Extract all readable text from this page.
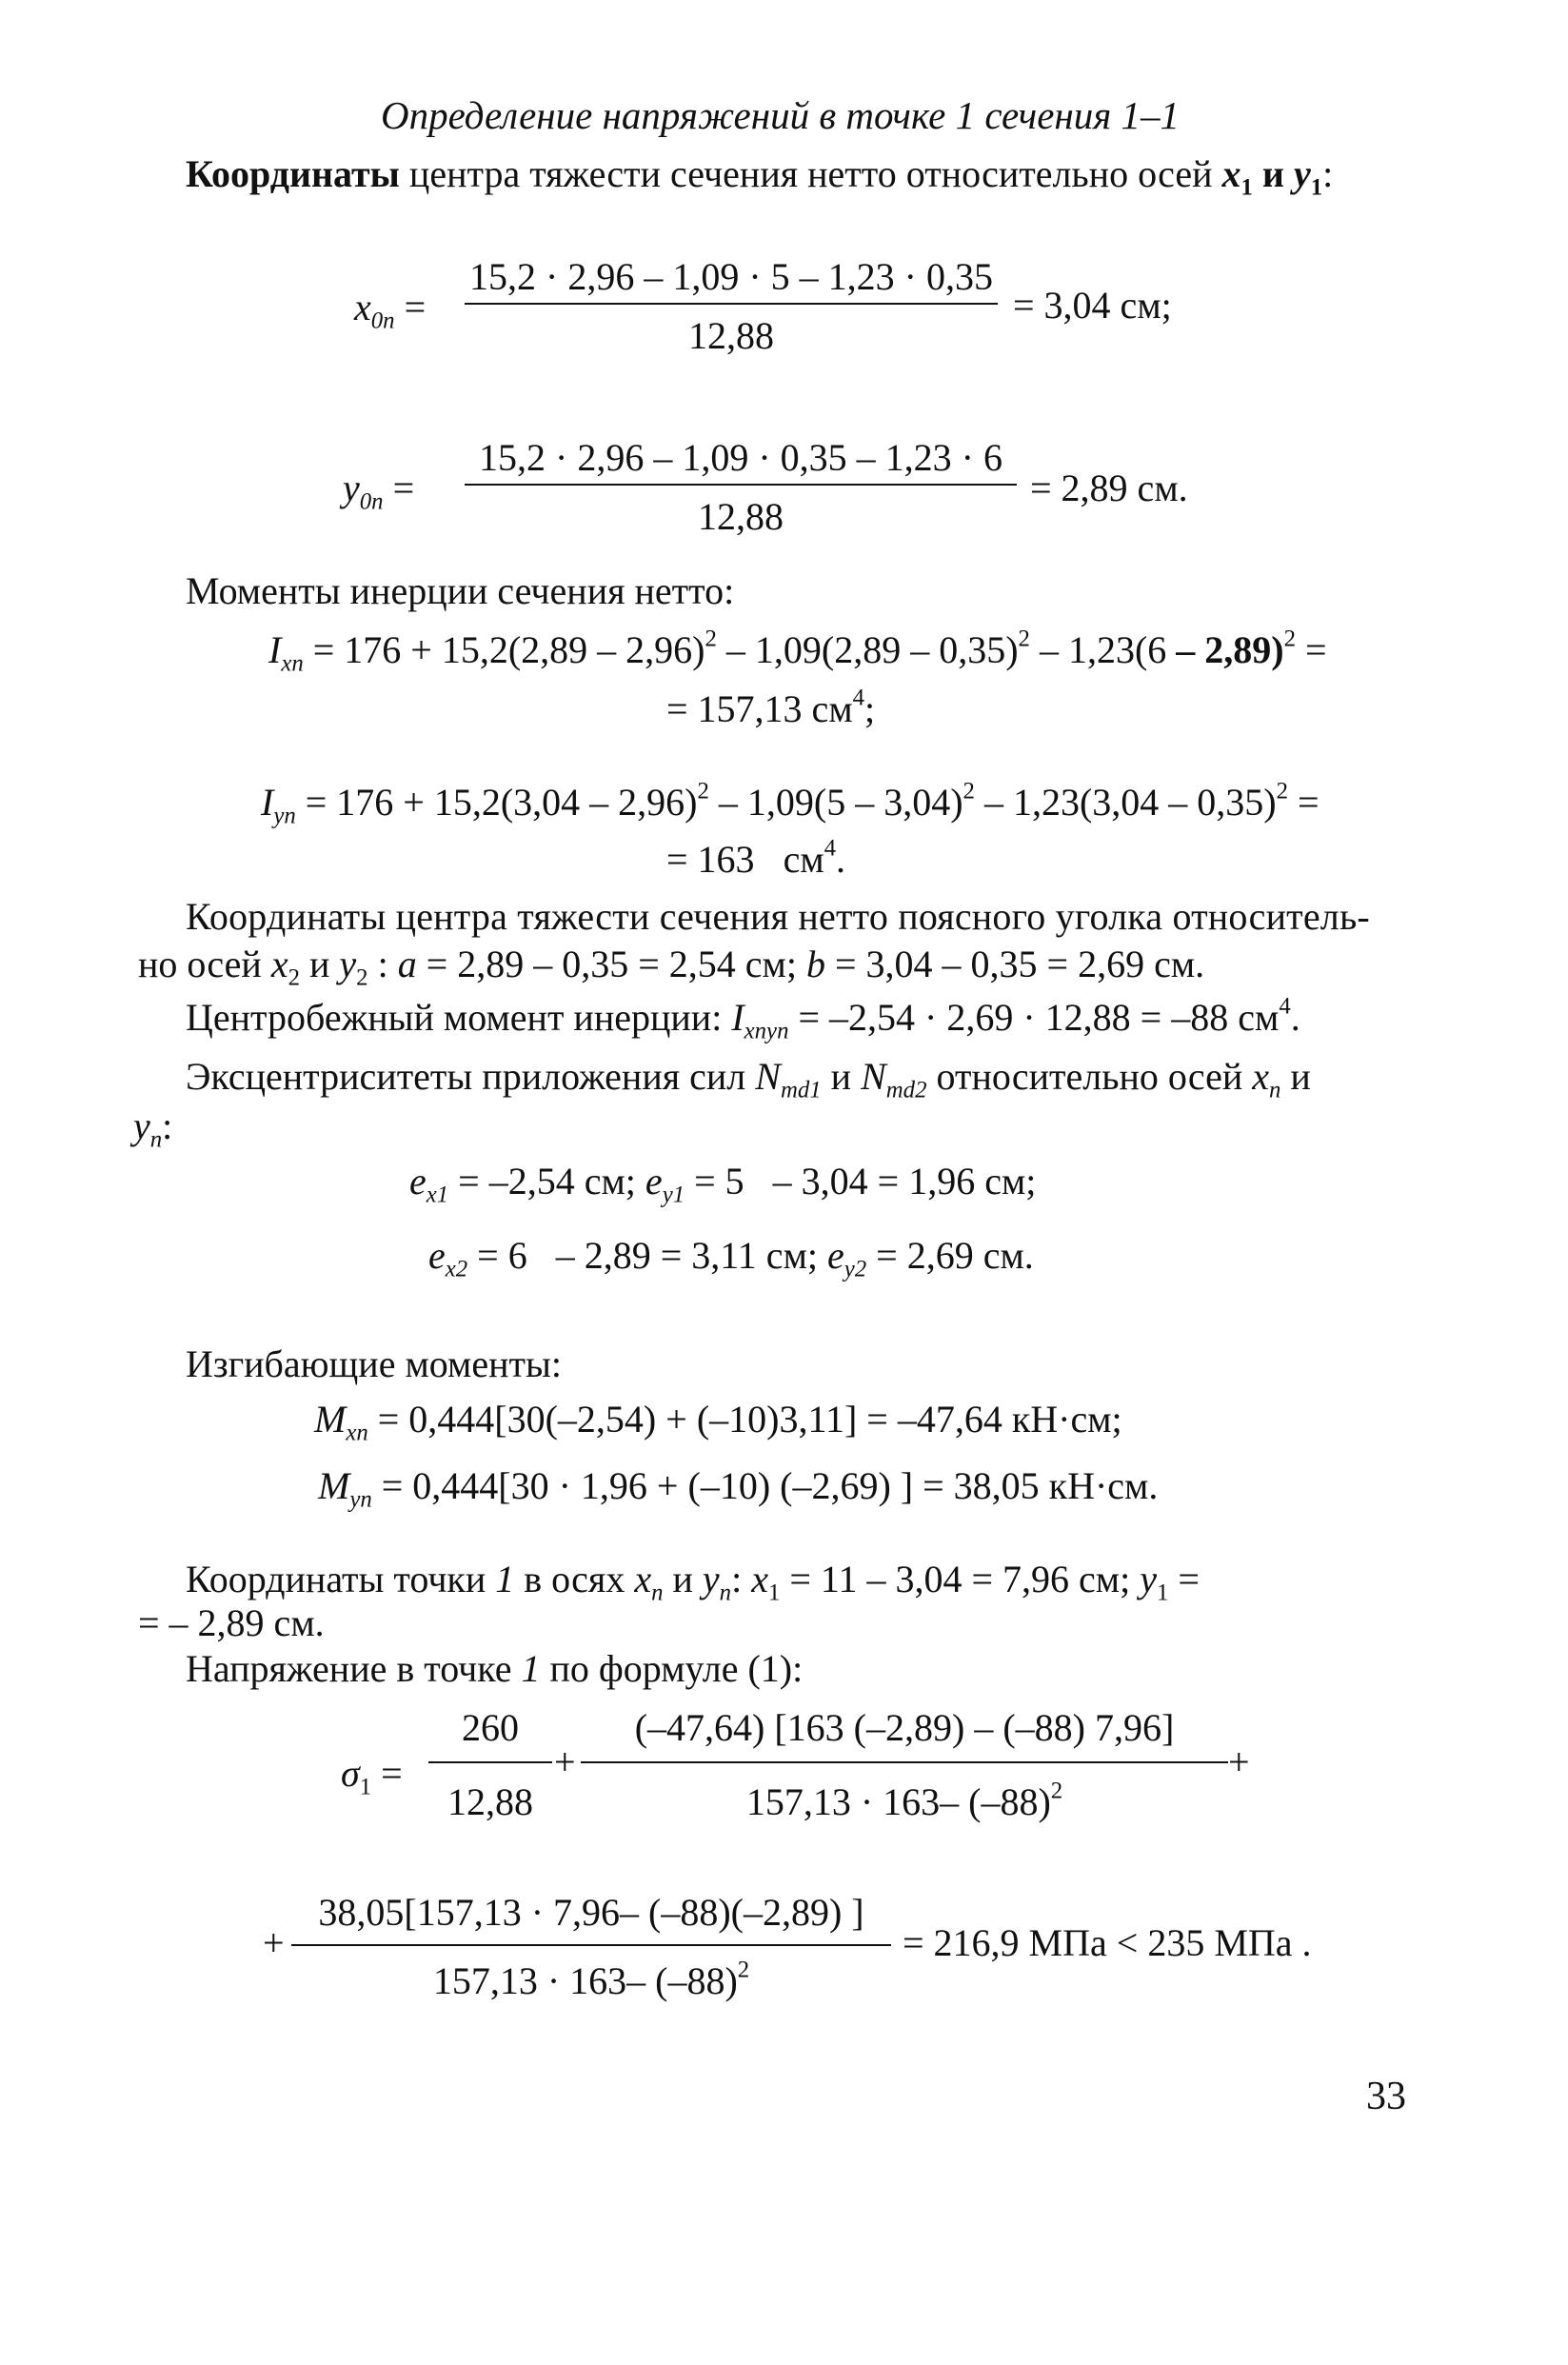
Определение напряжений в точке 1 сечения 1–1
Координаты центра тяжести сечения нетто относительно осей $x_1$ и $y_1$:
$x_{0n}$ =
15,2 · 2,96 – 1,09 · 5 – 1,23 · 0,35
12,88
= 3,04 см;
$y_{0n}$ =
15,2 · 2,96 – 1,09 · 0,35 – 1,23 · 6
12,88
= 2,89 см.
Моменты инерции сечения нетто:
$I_{xn} = 176 + 15,2(2,89 - 2,96)^2 - 1,09(2,89 - 0,35)^2 - 1,23(6 - 2,89)^2$ =
= 157,13 $см^4$;
$I_{yn} = 176 + 15,2(3,04 - 2,96)^2 - 1,09(5 - 3,04)^2 - 1,23(3,04 - 0,35)^2$ =
= 163 $см^4$.
Координаты центра тяжести сечения нетто поясного уголка относитель-
но осей $x_2$ и $y_2$ : a = 2,89 – 0,35 = 2,54 см; b = 3,04 – 0,35 = 2,69 см.
Центробежный момент инерции: $I_{xnyn} = -2,54 \cdot 2,69 \cdot 12,88 = -88$ $см^4$.
Эксцентриситеты приложения сил $N_{md1}$ и $N_{md2}$ относительно осей $x_n$ и
$y_n$:
$e_{x1} = -2,54$ см; $e_{y1} = 5 - 3,04 = 1,96$ см;
$e_{x2} = 6 - 2,89 = 3,11$ см; $e_{y2} = 2,69$ см.
Изгибающие моменты:
$M_{xn} = 0,444[30(-2,54) + (-10)3,11] = -47,64$ кН·см;
$M_{yn} = 0,444[30 \cdot 1,96 + (-10)$ (–2,69) ] = 38,05 кН·см.
Координаты точки 1 в осях $x_n$ и $y_n$: $x_1 = 11 - 3,04 = 7,96$ см; $y_1$ =
= – 2,89 см.
Напряжение в точке 1 по формуле (1):
$\sigma_1$ =
260
12,88
+
(–47,64) [163 (–2,89) – (–88) 7,96]
157,13 · 163– $(-88)^2$
+
+
38,05[157,13 · 7,96– (–88)(–2,89) ]
157,13 · 163– $(-88)^2$
= 216,9 МПа < 235 МПа .
33
